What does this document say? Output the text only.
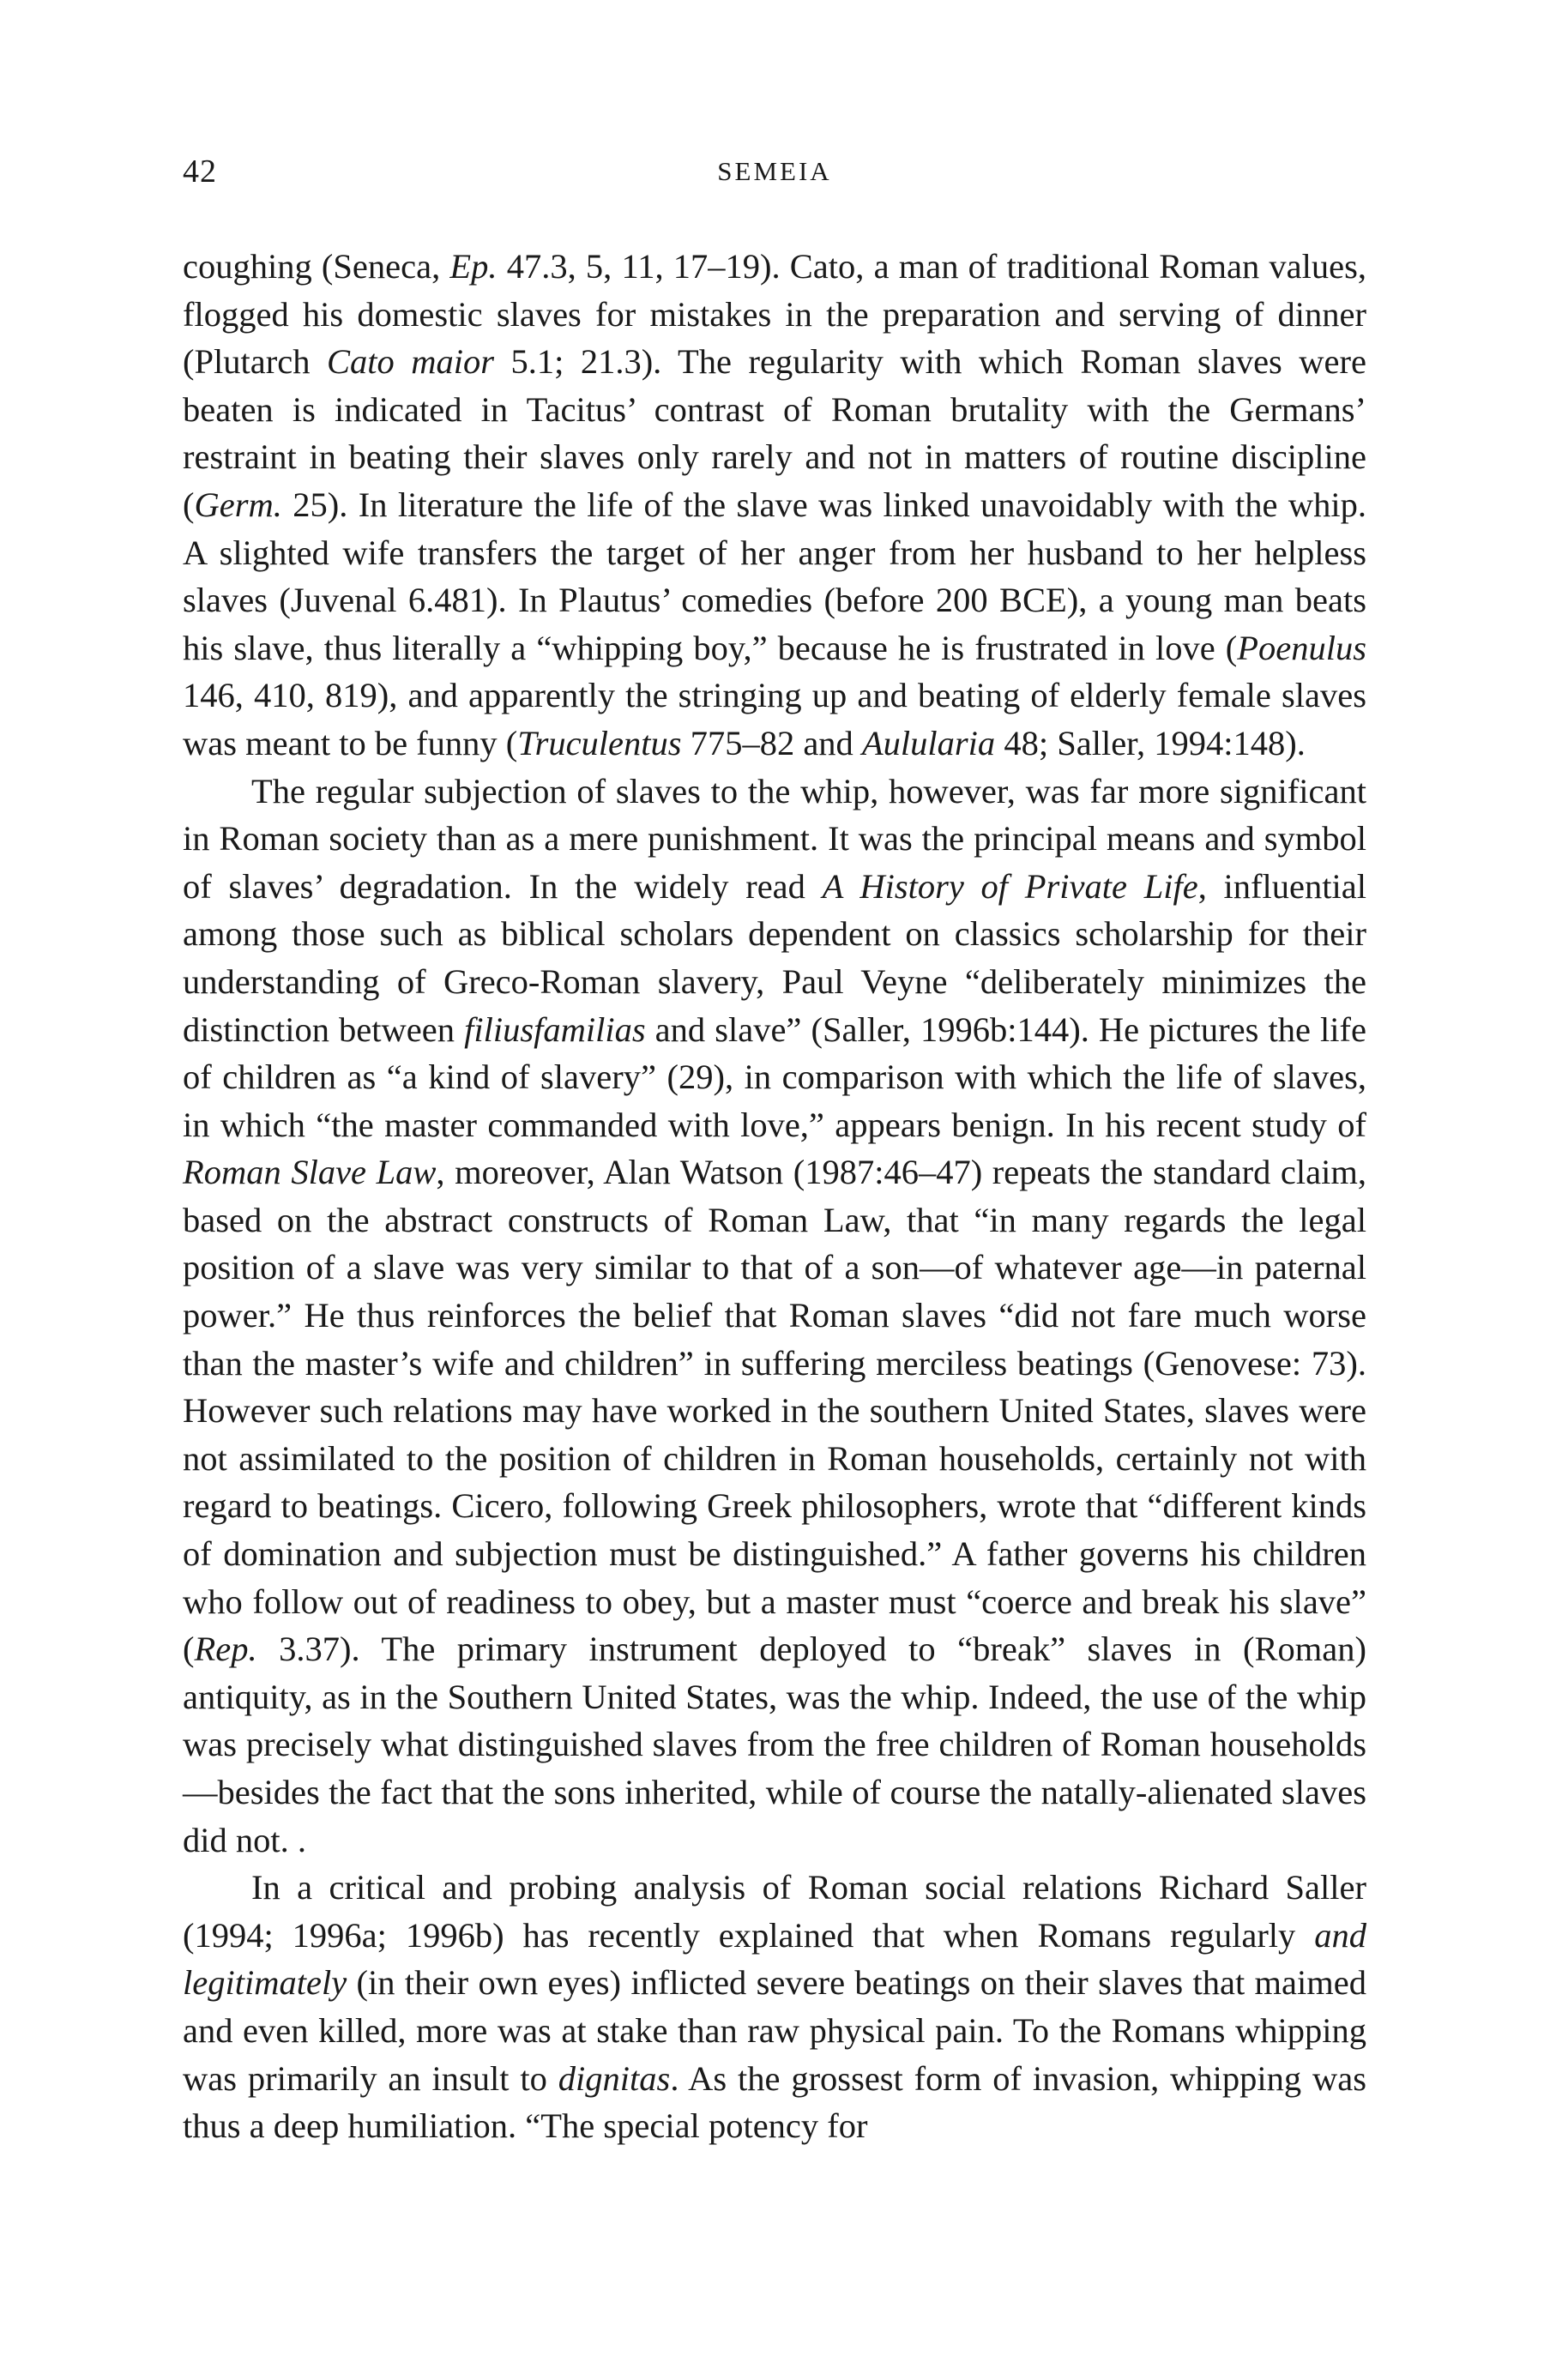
42	SEMEIA

coughing (Seneca, Ep. 47.3, 5, 11, 17–19). Cato, a man of traditional Roman values, flogged his domestic slaves for mistakes in the preparation and serving of dinner (Plutarch Cato maior 5.1; 21.3). The regularity with which Roman slaves were beaten is indicated in Tacitus’ contrast of Roman brutality with the Germans’ restraint in beating their slaves only rarely and not in matters of routine discipline (Germ. 25). In literature the life of the slave was linked unavoidably with the whip. A slighted wife transfers the target of her anger from her husband to her helpless slaves (Juvenal 6.481). In Plautus’ comedies (before 200 BCE), a young man beats his slave, thus literally a “whipping boy,” because he is frustrated in love (Poenulus 146, 410, 819), and apparently the stringing up and beating of elderly female slaves was meant to be funny (Truculentus 775–82 and Aulularia 48; Saller, 1994:148).

The regular subjection of slaves to the whip, however, was far more significant in Roman society than as a mere punishment. It was the principal means and symbol of slaves’ degradation. In the widely read A History of Private Life, influential among those such as biblical scholars dependent on classics scholarship for their understanding of Greco-Roman slavery, Paul Veyne “deliberately minimizes the distinction between filiusfamilias and slave” (Saller, 1996b:144). He pictures the life of children as “a kind of slavery” (29), in comparison with which the life of slaves, in which “the master commanded with love,” appears benign. In his recent study of Roman Slave Law, moreover, Alan Watson (1987:46–47) repeats the standard claim, based on the abstract constructs of Roman Law, that “in many regards the legal position of a slave was very similar to that of a son—of whatever age—in paternal power.” He thus reinforces the belief that Roman slaves “did not fare much worse than the master’s wife and children” in suffering merciless beatings (Genovese: 73). However such relations may have worked in the southern United States, slaves were not assimilated to the position of children in Roman households, certainly not with regard to beatings. Cicero, following Greek philosophers, wrote that “different kinds of domination and subjection must be distinguished.” A father governs his children who follow out of readiness to obey, but a master must “coerce and break his slave” (Rep. 3.37). The primary instrument deployed to “break” slaves in (Roman) antiquity, as in the Southern United States, was the whip. Indeed, the use of the whip was precisely what distinguished slaves from the free children of Roman households—besides the fact that the sons inherited, while of course the natally-alienated slaves did not. .

In a critical and probing analysis of Roman social relations Richard Saller (1994; 1996a; 1996b) has recently explained that when Romans regularly and legitimately (in their own eyes) inflicted severe beatings on their slaves that maimed and even killed, more was at stake than raw physical pain. To the Romans whipping was primarily an insult to dignitas. As the grossest form of invasion, whipping was thus a deep humiliation. “The special potency for
